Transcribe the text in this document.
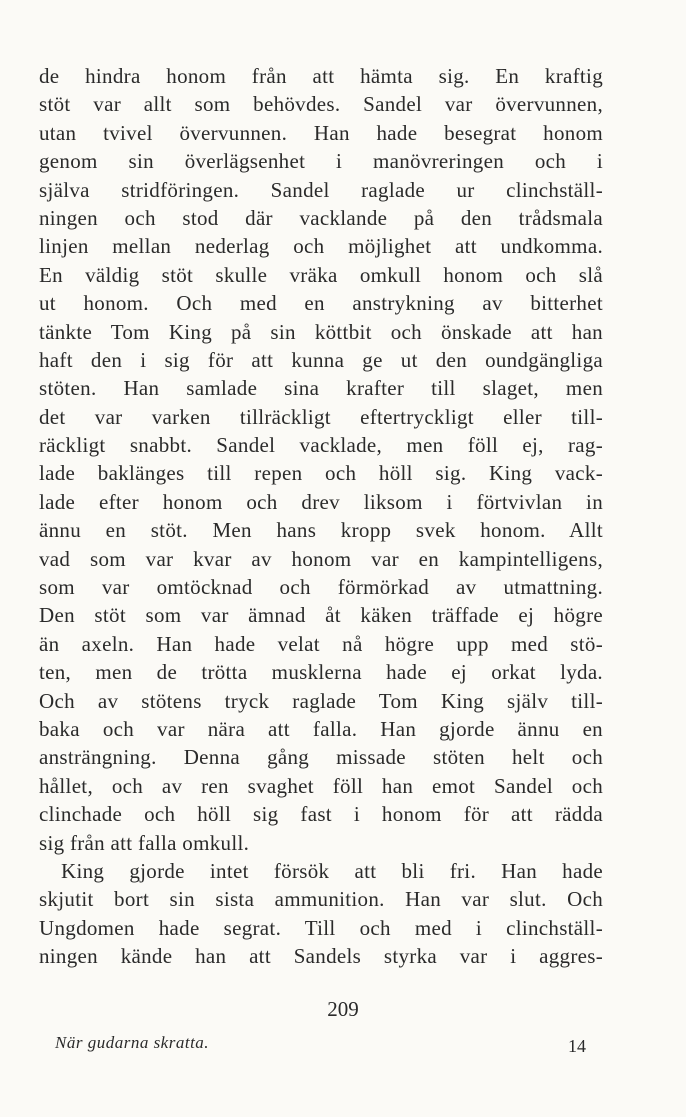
de hindra honom från att hämta sig. En kraftig
stöt var allt som behövdes. Sandel var övervunnen,
utan tvivel övervunnen. Han hade besegrat honom
genom sin överlägsenhet i manövreringen och i
själva stridföringen. Sandel raglade ur clinchställ-
ningen och stod där vacklande på den trådsmala
linjen mellan nederlag och möjlighet att undkomma.
En väldig stöt skulle vräka omkull honom och slå
ut honom. Och med en anstrykning av bitterhet
tänkte Tom King på sin köttbit och önskade att han
haft den i sig för att kunna ge ut den oundgängliga
stöten. Han samlade sina krafter till slaget, men
det var varken tillräckligt eftertryckligt eller till-
räckligt snabbt. Sandel vacklade, men föll ej, rag-
lade baklänges till repen och höll sig. King vack-
lade efter honom och drev liksom i förtvivlan in
ännu en stöt. Men hans kropp svek honom. Allt
vad som var kvar av honom var en kampintelligens,
som var omtöcknad och förmörkad av utmattning.
Den stöt som var ämnad åt käken träffade ej högre
än axeln. Han hade velat nå högre upp med stö-
ten, men de trötta musklerna hade ej orkat lyda.
Och av stötens tryck raglade Tom King själv till-
baka och var nära att falla. Han gjorde ännu en
ansträngning. Denna gång missade stöten helt och
hållet, och av ren svaghet föll han emot Sandel och
clinchade och höll sig fast i honom för att rädda
sig från att falla omkull.
King gjorde intet försök att bli fri. Han hade
skjutit bort sin sista ammunition. Han var slut. Och
Ungdomen hade segrat. Till och med i clinchställ-
ningen kände han att Sandels styrka var i aggres-
209
När gudarna skratta.	14
